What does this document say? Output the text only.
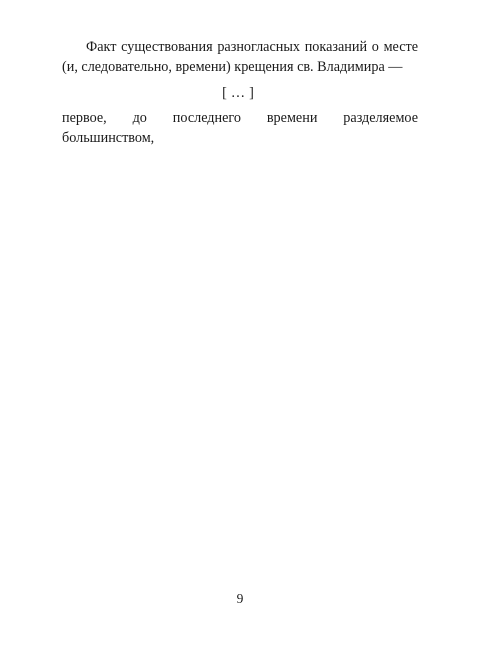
Факт существования разногласных показаний о месте (и, следовательно, времени) крещения св. Владимира —

[…]

первое, до последнего времени разделяемое большинством,

9
